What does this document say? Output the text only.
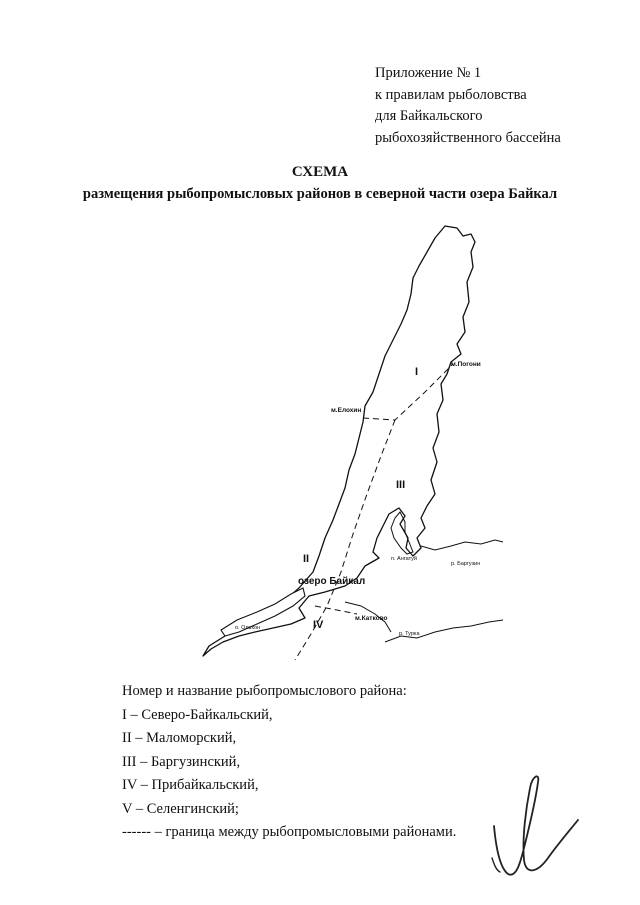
Приложение № 1
к правилам рыболовства
для Байкальского
рыбохозяйственного бассейна
СХЕМА
размещения рыбопромысловых районов в северной части озера Байкал
I
II
III
IV
озеро Байкал
м.Погони
м.Елохин
м.Катково
о. Ольхон
р. Баргузин
п. Ангатуй
р. Турка
Номер и название рыбопромыслового района:
I – Северо-Байкальский,
II – Маломорский,
III – Баргузинский,
IV – Прибайкальский,
V – Селенгинский;
------ – граница между рыбопромысловыми районами.
